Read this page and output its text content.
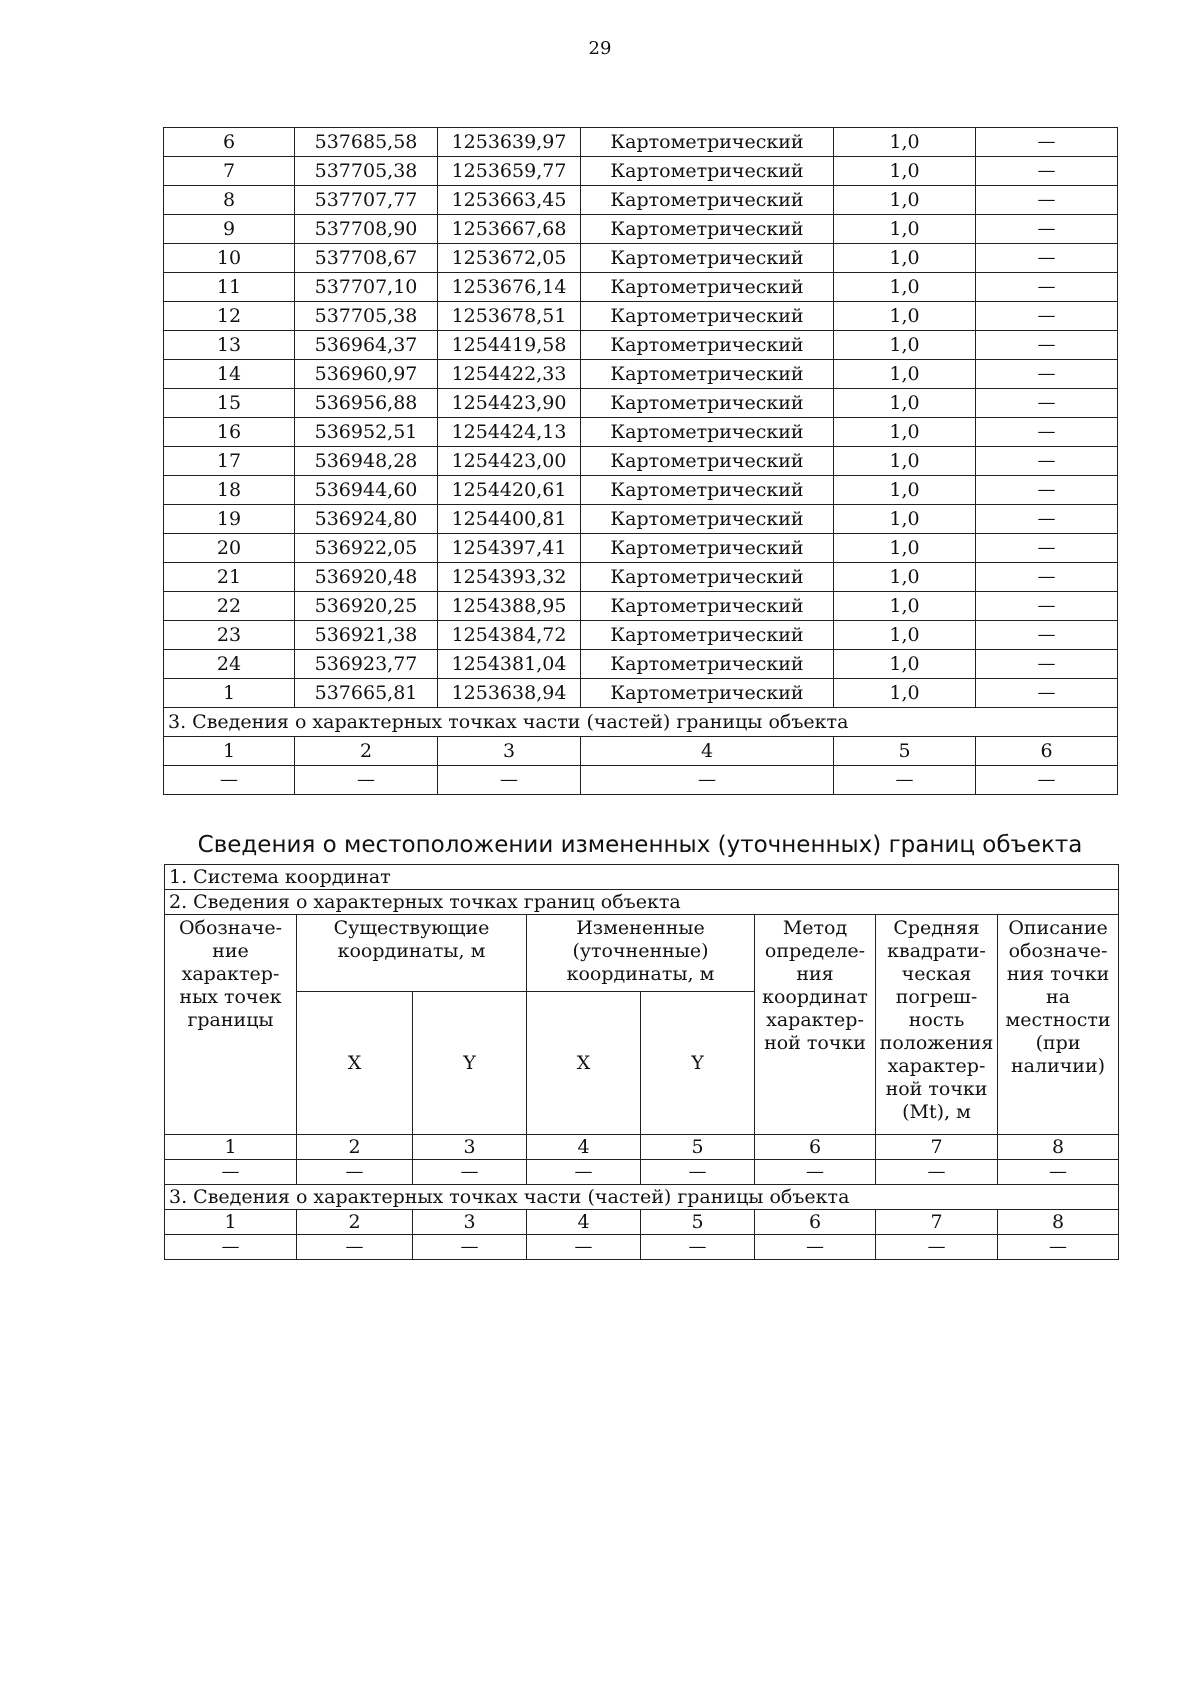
29
6	537685,58	1253639,97	Картометрический	1,0	—
7	537705,38	1253659,77	Картометрический	1,0	—
8	537707,77	1253663,45	Картометрический	1,0	—
9	537708,90	1253667,68	Картометрический	1,0	—
10	537708,67	1253672,05	Картометрический	1,0	—
11	537707,10	1253676,14	Картометрический	1,0	—
12	537705,38	1253678,51	Картометрический	1,0	—
13	536964,37	1254419,58	Картометрический	1,0	—
14	536960,97	1254422,33	Картометрический	1,0	—
15	536956,88	1254423,90	Картометрический	1,0	—
16	536952,51	1254424,13	Картометрический	1,0	—
17	536948,28	1254423,00	Картометрический	1,0	—
18	536944,60	1254420,61	Картометрический	1,0	—
19	536924,80	1254400,81	Картометрический	1,0	—
20	536922,05	1254397,41	Картометрический	1,0	—
21	536920,48	1254393,32	Картометрический	1,0	—
22	536920,25	1254388,95	Картометрический	1,0	—
23	536921,38	1254384,72	Картометрический	1,0	—
24	536923,77	1254381,04	Картометрический	1,0	—
1	537665,81	1253638,94	Картометрический	1,0	—
3. Сведения о характерных точках части (частей) границы объекта					
1	2	3	4	5	6
—	—	—	—	—	—
Сведения о местоположении измененных (уточненных) границ объекта
1. Система координат							
2. Сведения о характерных точках границ объекта							
Обозначе-ние характер-ных точек границы	Существующие координаты, м		Измененные (уточненные) координаты, м		Метод определе-ния координат характер-ной точки	Средняя квадрати-ческая погреш-ность положения характер-ной точки (Mt), м	Описание обозначе-ния точки на местности (при наличии)
	X	Y	X	Y			
1	2	3	4	5	6	7	8
—	—	—	—	—	—	—	—
3. Сведения о характерных точках части (частей) границы объекта							
1	2	3	4	5	6	7	8
—	—	—	—	—	—	—	—
